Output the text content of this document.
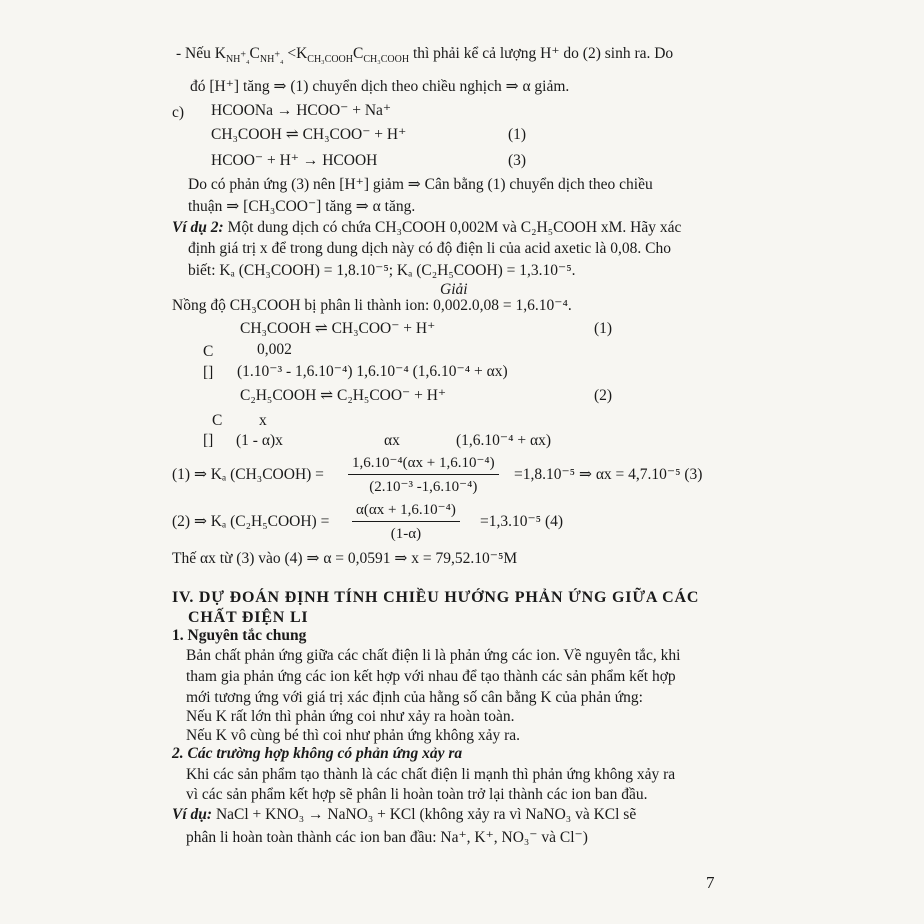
- Nếu $K_{NH^+_4}C_{NH^+_4} <K_{CH_3COOH}C_{CH_3COOH}$ thì phải kể cả lượng H⁺ do (2) sinh ra. Do
đó [H⁺] tăng ⇒ (1) chuyển dịch theo chiều nghịch ⇒ α giảm.
c) HCOONa → HCOO⁻ + Na⁺
CH₃COOH ⇌ CH₃COO⁻ + H⁺	(1)
HCOO⁻ + H⁺ → HCOOH	(3)
Do có phản ứng (3) nên [H⁺] giảm ⇒ Cân bằng (1) chuyển dịch theo chiều
thuận ⇒ [CH₃COO⁻] tăng ⇒ α tăng.
Ví dụ 2: Một dung dịch có chứa CH₃COOH 0,002M và C₂H₅COOH xM. Hãy xác
định giá trị x để trong dung dịch này có độ điện li của acid axetic là 0,08. Cho
biết: Kₐ (CH₃COOH) = 1,8.10⁻⁵; Kₐ (C₂H₅COOH) = 1,3.10⁻⁵.
Giải
Nồng độ CH₃COOH bị phân li thành ion: 0,002.0,08 = 1,6.10⁻⁴.
CH₃COOH ⇌ CH₃COO⁻ + H⁺	(1)
C	0,002
[] (1.10⁻³ - 1,6.10⁻⁴) 1,6.10⁻⁴ (1,6.10⁻⁴ + αx)
C₂H₅COOH ⇌ C₂H₅COO⁻ + H⁺	(2)
C x
[] (1 - α)x	αx	(1,6.10⁻⁴ + αx)
(1) ⇒ Kₐ (CH₃COOH) = $\frac{\text{1,6.10⁻⁴(αx + 1,6.10⁻⁴)}}{\text{(2.10⁻³ -1,6.10⁻⁴)}} =1,8.10^{-5}$ ⇒ αx = 4,7.10⁻⁵ (3)
(2) ⇒ Kₐ (C₂H₅COOH) = $\frac{\text{α(αx + 1,6.10⁻⁴)}}{(1-\alpha)} =1,3.10^{-5}$ (4)
Thế αx từ (3) vào (4) ⇒ α = 0,0591 ⇒ x = 79,52.10⁻⁵M
IV. DỰ ĐOÁN ĐỊNH TÍNH CHIỀU HƯỚNG PHẢN ỨNG GIỮA CÁC
CHẤT ĐIỆN LI
1. Nguyên tắc chung
Bản chất phản ứng giữa các chất điện li là phản ứng các ion. Về nguyên tắc, khi
tham gia phản ứng các ion kết hợp với nhau để tạo thành các sản phẩm kết hợp
mới tương ứng với giá trị xác định của hằng số cân bằng K của phản ứng:
Nếu K rất lớn thì phản ứng coi như xảy ra hoàn toàn.
Nếu K vô cùng bé thì coi như phản ứng không xảy ra.
2. Các trường hợp không có phản ứng xảy ra
Khi các sản phẩm tạo thành là các chất điện li mạnh thì phản ứng không xảy ra
vì các sản phẩm kết hợp sẽ phân li hoàn toàn trở lại thành các ion ban đầu.
Ví dụ: NaCl + KNO₃ → NaNO₃ + KCl (không xảy ra vì NaNO₃ và KCl sẽ
phân li hoàn toàn thành các ion ban đầu: Na⁺, K⁺, NO₃⁻ và Cl⁻)
7
